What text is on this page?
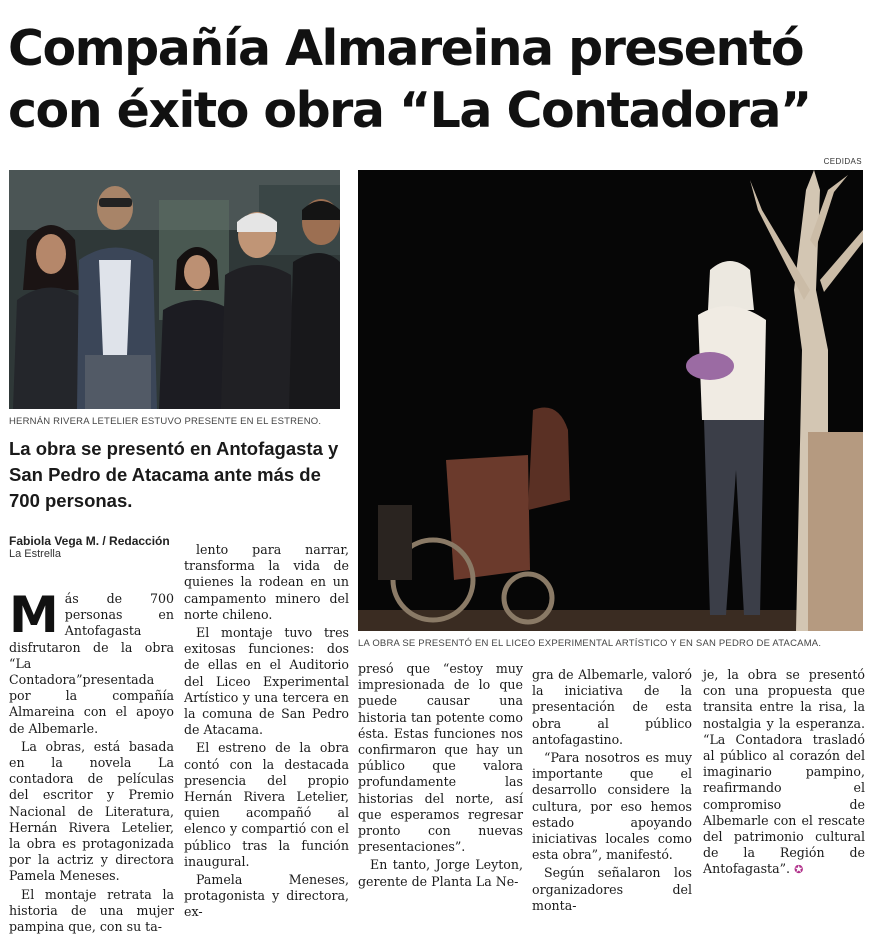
Compañía Almareina presentó
con éxito obra “La Contadora”
CEDIDAS
HERNÁN RIVERA LETELIER ESTUVO PRESENTE EN EL ESTRENO.
LA OBRA SE PRESENTÓ EN EL LICEO EXPERIMENTAL ARTÍSTICO Y EN SAN PEDRO DE ATACAMA.
La obra se presentó en Antofagasta y San Pedro de Atacama ante más de 700 personas.
Fabiola Vega M. / Redacción
La Estrella

Más de 700 personas en Antofagasta disfrutaron de la obra “La Contadora”presentada por la compañía Almareina con el apoyo de Albemarle.

La obras, está basada en la novela La contadora de películas del escritor y Premio Nacional de Literatura, Hernán Rivera Letelier, la obra es protagonizada por la actriz y directora Pamela Meneses.

El montaje retrata la historia de una mujer pampina que, con su ta-

lento para narrar, transforma la vida de quienes la rodean en un campamento minero del norte chileno.

El montaje tuvo tres exitosas funciones: dos de ellas en el Auditorio del Liceo Experimental Artístico y una tercera en la comuna de San Pedro de Atacama.

El estreno de la obra contó con la destacada presencia del propio Hernán Rivera Letelier, quien acompañó al elenco y compartió con el público tras la función inaugural.

Pamela Meneses, protagonista y directora, ex-

presó que “estoy muy impresionada de lo que puede causar una historia tan potente como ésta. Estas funciones nos confirmaron que hay un público que valora profundamente las historias del norte, así que esperamos regresar pronto con nuevas presentaciones”.

En tanto, Jorge Leyton, gerente de Planta La Ne-

gra de Albemarle, valoró la iniciativa de la presentación de esta obra al público antofagastino.

“Para nosotros es muy importante que el desarrollo considere la cultura, por eso hemos estado apoyando iniciativas locales como esta obra”, manifestó.

Según señalaron los organizadores del monta-

je, la obra se presentó con una propuesta que transita entre la risa, la nostalgia y la esperanza. “La Contadora trasladó al público al corazón del imaginario pampino, reafirmando el compromiso de Albemarle con el rescate del patrimonio cultural de la Región de Antofagasta”. ✪
